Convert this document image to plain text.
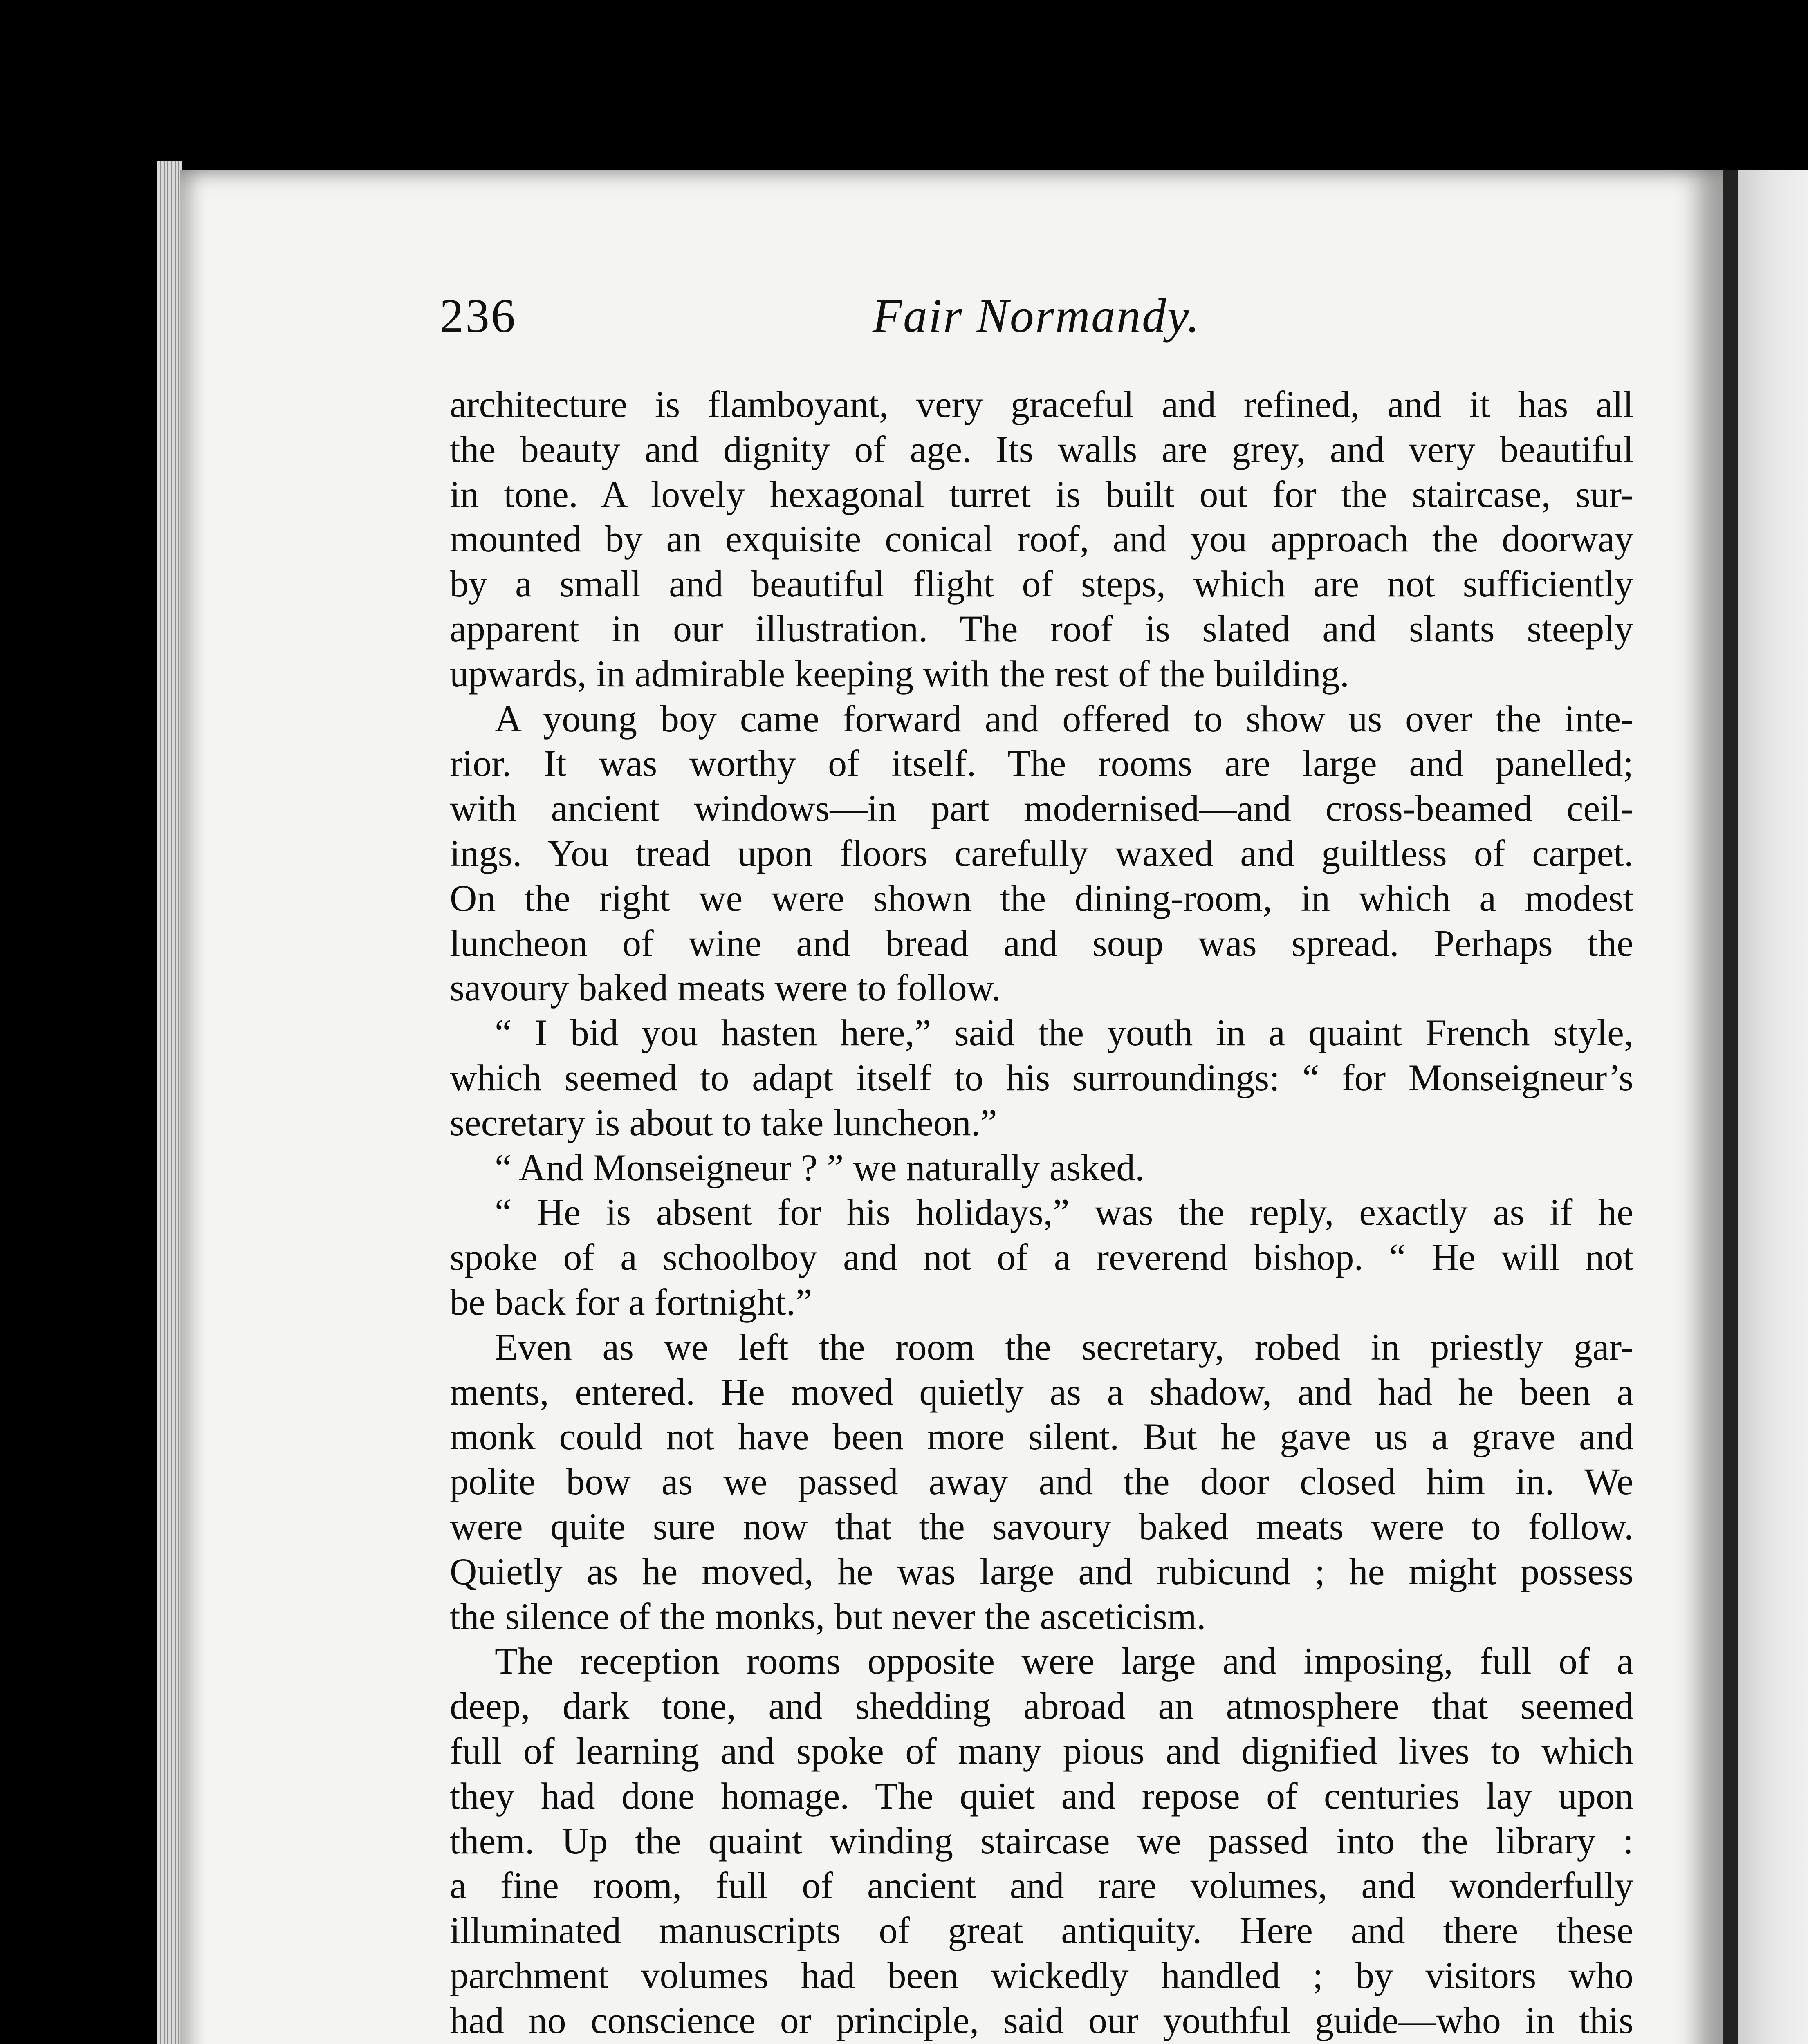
236	Fair Normandy.
architecture is flamboyant, very graceful and refined, and it has all
the beauty and dignity of age. Its walls are grey, and very beautiful
in tone. A lovely hexagonal turret is built out for the staircase, sur-
mounted by an exquisite conical roof, and you approach the doorway
by a small and beautiful flight of steps, which are not sufficiently
apparent in our illustration. The roof is slated and slants steeply
upwards, in admirable keeping with the rest of the building.
A young boy came forward and offered to show us over the inte-
rior. It was worthy of itself. The rooms are large and panelled;
with ancient windows—in part modernised—and cross-beamed ceil-
ings. You tread upon floors carefully waxed and guiltless of carpet.
On the right we were shown the dining-room, in which a modest
luncheon of wine and bread and soup was spread. Perhaps the
savoury baked meats were to follow.
“ I bid you hasten here,” said the youth in a quaint French style,
which seemed to adapt itself to his surroundings: “ for Monseigneur’s
secretary is about to take luncheon.”
“ And Monseigneur ? ” we naturally asked.
“ He is absent for his holidays,” was the reply, exactly as if he
spoke of a schoolboy and not of a reverend bishop. “ He will not
be back for a fortnight.”
Even as we left the room the secretary, robed in priestly gar-
ments, entered. He moved quietly as a shadow, and had he been a
monk could not have been more silent. But he gave us a grave and
polite bow as we passed away and the door closed him in. We
were quite sure now that the savoury baked meats were to follow.
Quietly as he moved, he was large and rubicund ; he might possess
the silence of the monks, but never the asceticism.
The reception rooms opposite were large and imposing, full of a
deep, dark tone, and shedding abroad an atmosphere that seemed
full of learning and spoke of many pious and dignified lives to which
they had done homage. The quiet and repose of centuries lay upon
them. Up the quaint winding staircase we passed into the library :
a fine room, full of ancient and rare volumes, and wonderfully
illuminated manuscripts of great antiquity. Here and there these
parchment volumes had been wickedly handled ; by visitors who
had no conscience or principle, said our youthful guide—who in this
